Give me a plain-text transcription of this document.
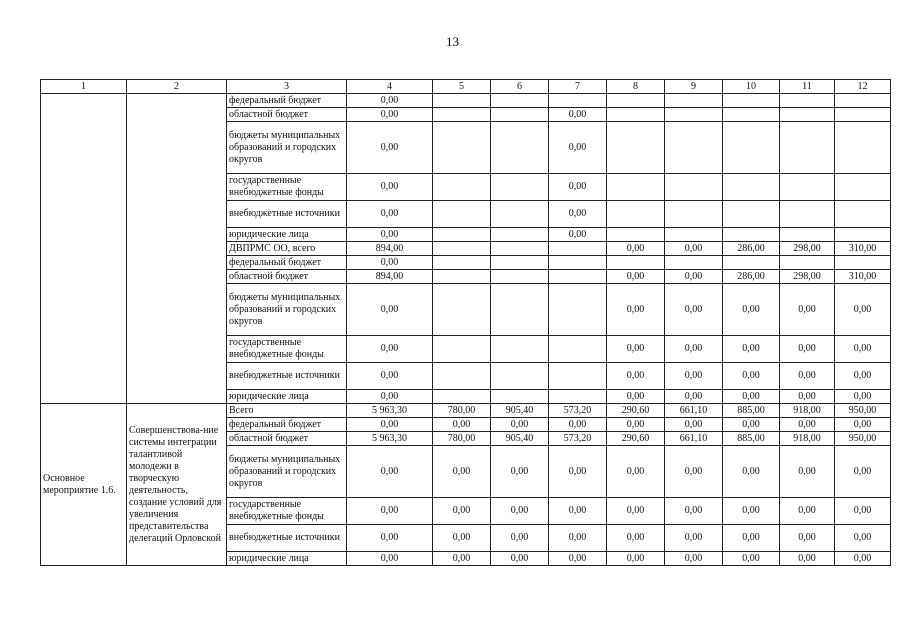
13
1	2	3	4	5	6	7	8	9	10	11	12
		федеральный бюджет	0,00								
		областной бюджет	0,00			0,00					
		бюджеты муниципальных образований и городских округов	0,00			0,00					
		государственные внебюджетные фонды	0,00			0,00					
		внебюджетные источники	0,00			0,00					
		юридические лица	0,00			0,00					
		ДВПРМС ОО, всего	894,00				0,00	0,00	286,00	298,00	310,00
		федеральный бюджет	0,00								
		областной бюджет	894,00				0,00	0,00	286,00	298,00	310,00
		бюджеты муниципальных образований и городских округов	0,00				0,00	0,00	0,00	0,00	0,00
		государственные внебюджетные фонды	0,00				0,00	0,00	0,00	0,00	0,00
		внебюджетные источники	0,00				0,00	0,00	0,00	0,00	0,00
		юридические лица	0,00				0,00	0,00	0,00	0,00	0,00
Основное мероприятие 1.6.	Совершенствова-ние системы интеграции талантливой молодежи в творческую деятельность, создание условий для увеличения представительства делегаций Орловской	Всего	5 963,30	780,00	905,40	573,20	290,60	661,10	885,00	918,00	950,00
		федеральный бюджет	0,00	0,00	0,00	0,00	0,00	0,00	0,00	0,00	0,00
		областной бюджет	5 963,30	780,00	905,40	573,20	290,60	661,10	885,00	918,00	950,00
		бюджеты муниципальных образований и городских округов	0,00	0,00	0,00	0,00	0,00	0,00	0,00	0,00	0,00
		государственные внебюджетные фонды	0,00	0,00	0,00	0,00	0,00	0,00	0,00	0,00	0,00
		внебюджетные источники	0,00	0,00	0,00	0,00	0,00	0,00	0,00	0,00	0,00
		юридические лица	0,00	0,00	0,00	0,00	0,00	0,00	0,00	0,00	0,00
